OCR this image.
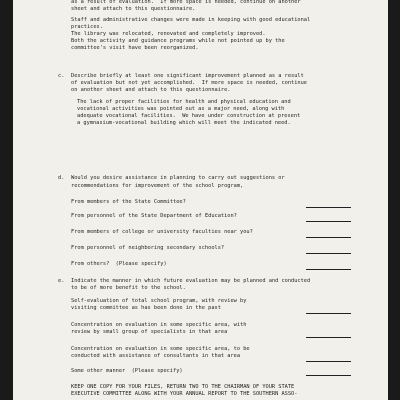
as a result of evaluation.  If more space is needed, continue on another

sheet and attach to this questionnaire.

Staff and administrative changes were made in keeping with good educational

practices.

The library was relocated, renovated and completely improved.

Both the activity and guidance programs while not pointed up by the

committee's visit have been reorganized.

c.

Describe briefly at least one significant improvement planned as a result

of evaluation but not yet accomplished.  If more space is needed, continue

on another sheet and attach to this questionnaire.

The lack of proper facilities for health and physical education and

vocational activities was pointed out as a major need, along with

adequate vocational facilities.  We have under construction at present

a gymnasium-vocational building which will meet the indicated need.

d.

Would you desire assistance in planning to carry out suggestions or

recommendations for improvement of the school program,

From members of the State Committee?

From personnel of the State Department of Education?

From members of college or university faculties near you?

From personnel of neighboring secondary schools?

From others?  (Please specify)

e.

Indicate the manner in which future evaluation may be planned and conducted

to be of more benefit to the school.

Self-evaluation of total school program, with review by

visiting committee as has been done in the past

Concentration on evaluation in some specific area, with

review by small group of specialists in that area

Concentration on evaluation in some specific area, to be

conducted with assistance of consultants in that area

Some other manner  (Please specify)

KEEP ONE COPY FOR YOUR FILES, RETURN TWO TO THE CHAIRMAN OF YOUR STATE

EXECUTIVE COMMITTEE ALONG WITH YOUR ANNUAL REPORT TO THE SOUTHERN ASSO-
